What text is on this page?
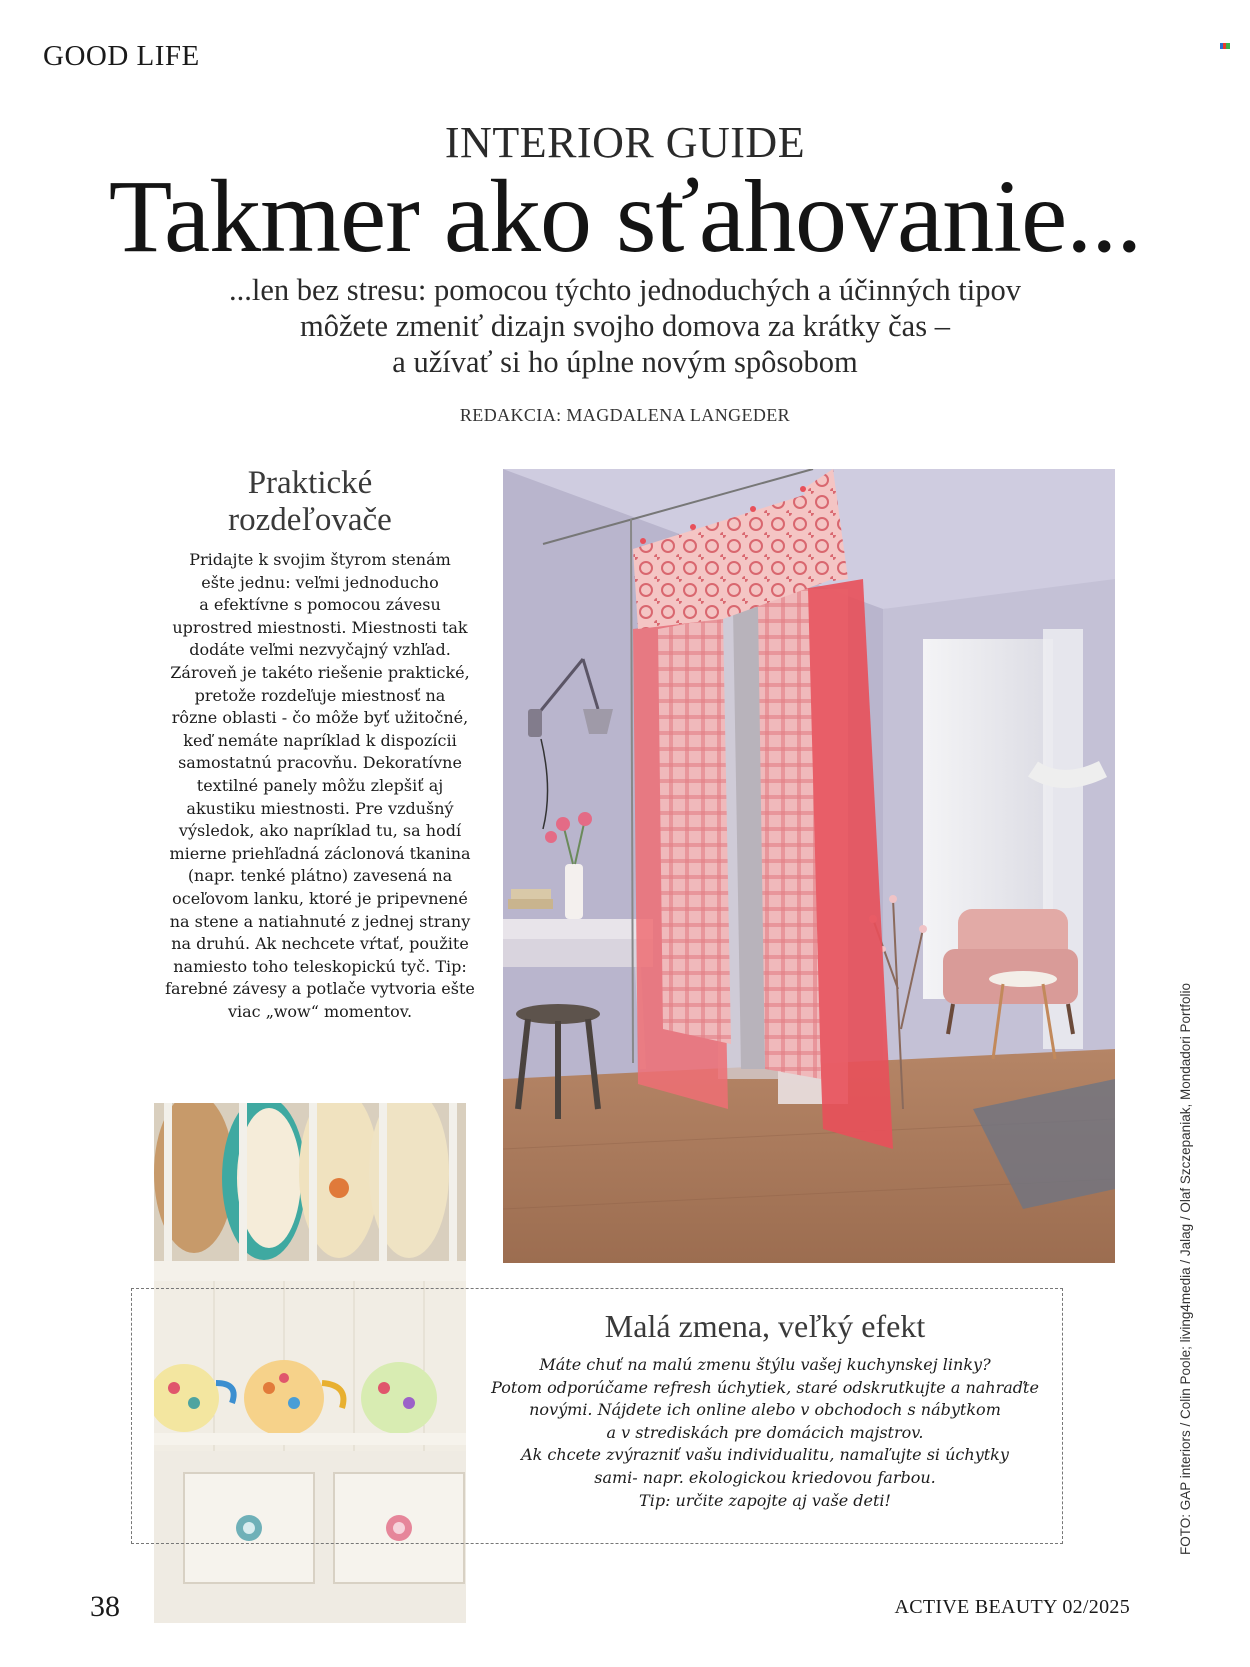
GOOD LIFE
INTERIOR GUIDE
Takmer ako sťahovanie...
...len bez stresu: pomocou týchto jednoduchých a účinných tipov
môžete zmeniť dizajn svojho domova za krátky čas –
a užívať si ho úplne novým spôsobom
REDAKCIA: MAGDALENA LANGEDER
Praktické
rozdeľovače
Pridajte k svojim štyrom stenám
ešte jednu: veľmi jednoducho
a efektívne s pomocou závesu
uprostred miestnosti. Miestnosti tak
dodáte veľmi nezvyčajný vzhľad.
Zároveň je takéto riešenie praktické,
pretože rozdeľuje miestnosť na
rôzne oblasti - čo môže byť užitočné,
keď nemáte napríklad k dispozícii
samostatnú pracovňu. Dekoratívne
textilné panely môžu zlepšiť aj
akustiku miestnosti. Pre vzdušný
výsledok, ako napríklad tu, sa hodí
mierne priehľadná záclonová tkanina
(napr. tenké plátno) zavesená na
oceľovom lanku, ktoré je pripevnené
na stene a natiahnuté z jednej strany
na druhú. Ak nechcete vŕtať, použite
namiesto toho teleskopickú tyč. Tip:
farebné závesy a potlače vytvoria ešte
viac „wow“ momentov.
Malá zmena, veľký efekt
Máte chuť na malú zmenu štýlu vašej kuchynskej linky?
Potom odporúčame refresh úchytiek, staré odskrutkujte a nahraďte
novými. Nájdete ich online alebo v obchodoch s nábytkom
a v strediskách pre domácich majstrov.
Ak chcete zvýrazniť vašu individualitu, namaľujte si úchytky
sami- napr. ekologickou kriedovou farbou.
Tip: určite zapojte aj vaše deti!	FOTO: GAP interiors / Colin Poole; living4media / Jalag / Olaf Szczepaniak, Mondadori Portfolio
38	ACTIVE BEAUTY 02/2025
